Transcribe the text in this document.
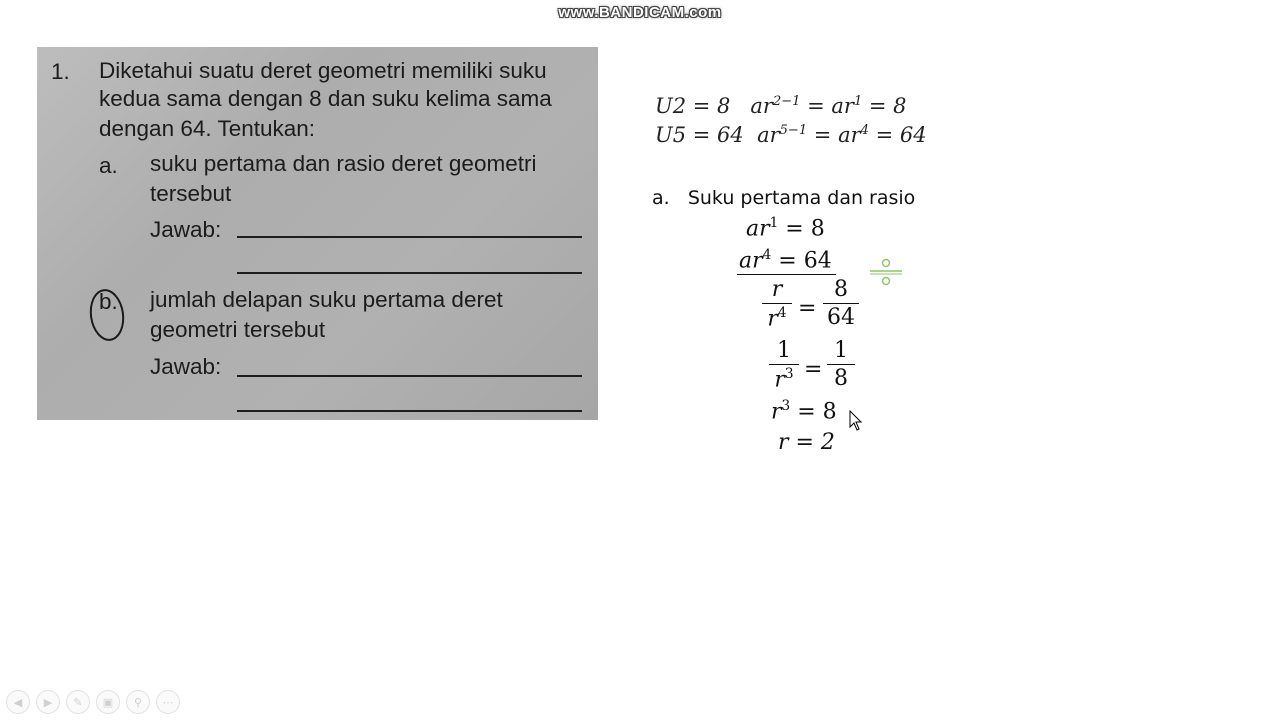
www.BANDICAM.com
1. Diketahui suatu deret geometri memiliki suku
kedua sama dengan 8 dan suku kelima sama
dengan 64. Tentukan:
a. suku pertama dan rasio deret geometri
tersebut
Jawab:
b. jumlah delapan suku pertama deret
geometri tersebut
Jawab:
U2 = 8 $ar^{2-1} = ar^1 = 8$
U5 = 64 $ar^{5-1} = ar^4 = 64$
a. Suku pertama dan rasio
$ar^1 = 8$
$ar^4 = 64$
r
$r^4$ =
8
64
1
$r^3$ =
1
8
$r^3 = 8$
r = 2
◀	▶	✎	▣	⚲	⋯
